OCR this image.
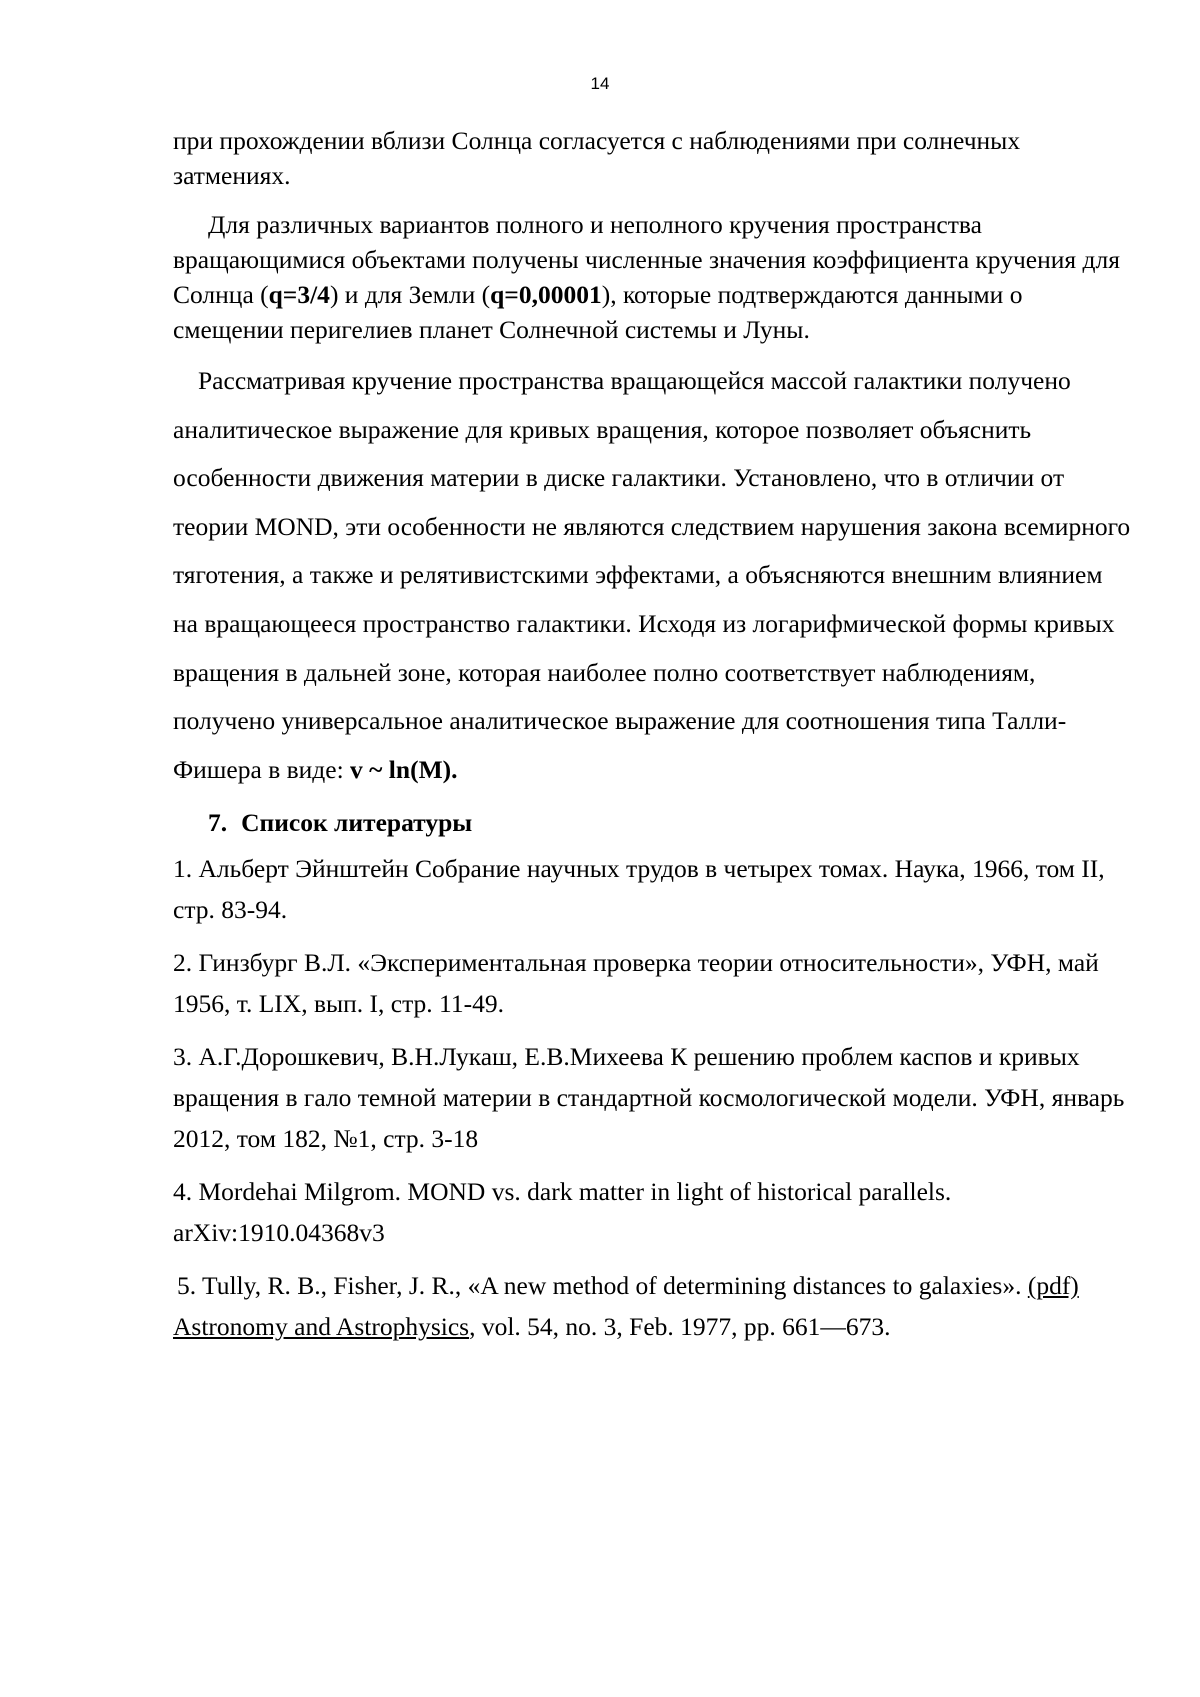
14

при прохождении вблизи Солнца согласуется с наблюдениями при солнечных затмениях.

Для различных вариантов полного и неполного кручения пространства вращающимися объектами получены численные значения коэффициента кручения для Солнца (q=3/4) и для Земли (q=0,00001), которые подтверждаются данными о смещении перигелиев планет Солнечной системы и Луны.

Рассматривая кручение пространства вращающейся массой галактики получено аналитическое выражение для кривых вращения, которое позволяет объяснить особенности движения материи в диске галактики. Установлено, что в отличии от теории MOND, эти особенности не являются следствием нарушения закона всемирного тяготения, а также и релятивистскими эффектами, а объясняются внешним влиянием на вращающееся пространство галактики. Исходя из логарифмической формы кривых вращения в дальней зоне, которая наиболее полно соответствует наблюдениям, получено универсальное аналитическое выражение для соотношения типа Талли-Фишера в виде: v ~ ln(M).

7. Список литературы

1. Альберт Эйнштейн Собрание научных трудов в четырех томах. Наука, 1966, том II, стр. 83-94.

2. Гинзбург В.Л. «Экспериментальная проверка теории относительности», УФН, май 1956, т. LIX, вып. I, стр. 11-49.

3. А.Г.Дорошкевич, В.Н.Лукаш, Е.В.Михеева К решению проблем каспов и кривых вращения в гало темной материи в стандартной космологической модели. УФН, январь 2012, том 182, №1, стр. 3-18

4. Mordehai Milgrom. MOND vs. dark matter in light of historical parallels. arXiv:1910.04368v3

5. Tully, R. B., Fisher, J. R., «A new method of determining distances to galaxies». (pdf) Astronomy and Astrophysics, vol. 54, no. 3, Feb. 1977, pp. 661—673.
